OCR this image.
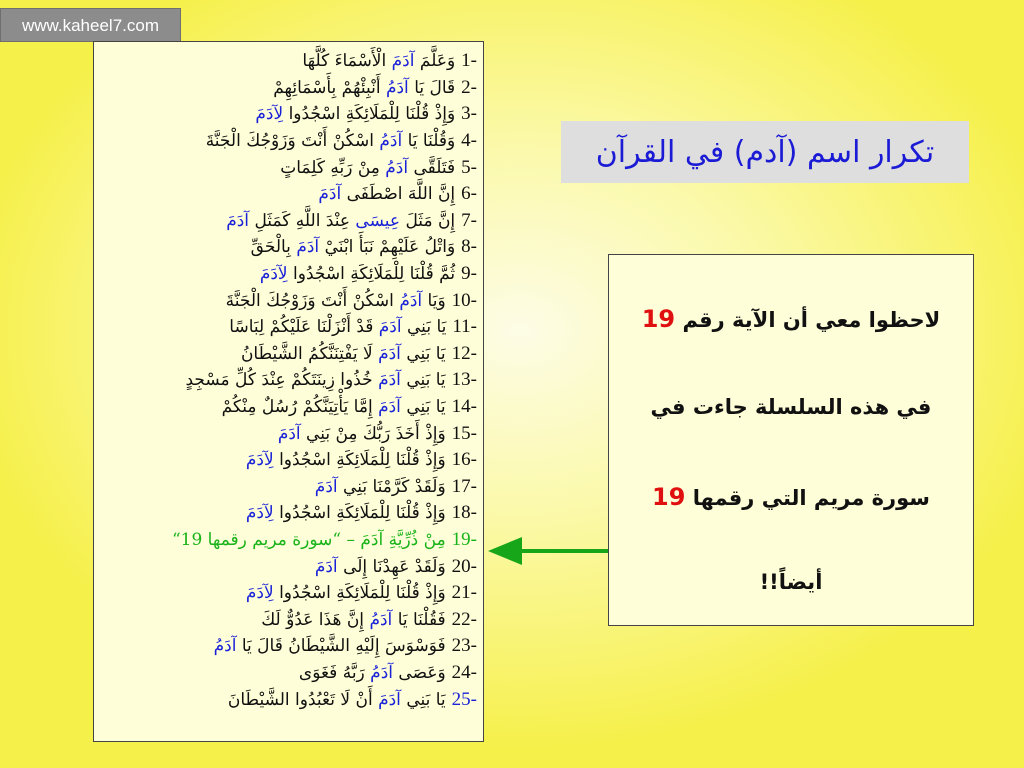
www.kaheel7.com
1-
وَعَلَّمَ

آدَمَ

الْأَسْمَاءَ كُلَّهَا

2-
قَالَ يَا

آدَمُ

أَنْبِئْهُمْ بِأَسْمَائِهِمْ

3-
وَإِذْ قُلْنَا لِلْمَلَائِكَةِ اسْجُدُوا

لِآدَمَ

4-
وَقُلْنَا يَا

آدَمُ

اسْكُنْ أَنْتَ وَزَوْجُكَ الْجَنَّةَ

5-
فَتَلَقَّى

آدَمُ

مِنْ رَبِّهِ كَلِمَاتٍ

6-
إِنَّ اللَّهَ اصْطَفَى

آدَمَ

7-
إِنَّ مَثَلَ

عِيسَى

عِنْدَ اللَّهِ كَمَثَلِ

آدَمَ

8-
وَاتْلُ عَلَيْهِمْ نَبَأَ ابْنَيْ

آدَمَ

بِالْحَقِّ

9-
ثُمَّ قُلْنَا لِلْمَلَائِكَةِ اسْجُدُوا

لِآدَمَ

10-
وَيَا

آدَمُ

اسْكُنْ أَنْتَ وَزَوْجُكَ الْجَنَّةَ

11-
يَا بَنِي

آدَمَ

قَدْ أَنْزَلْنَا عَلَيْكُمْ لِبَاسًا

12-
يَا بَنِي

آدَمَ

لَا يَفْتِنَنَّكُمُ الشَّيْطَانُ

13-
يَا بَنِي

آدَمَ

خُذُوا زِينَتَكُمْ عِنْدَ كُلِّ مَسْجِدٍ

14-
يَا بَنِي

آدَمَ

إِمَّا يَأْتِيَنَّكُمْ رُسُلٌ مِنْكُمْ

15-
وَإِذْ أَخَذَ رَبُّكَ مِنْ بَنِي

آدَمَ

16-
وَإِذْ قُلْنَا لِلْمَلَائِكَةِ اسْجُدُوا

لِآدَمَ

17-
وَلَقَدْ كَرَّمْنَا بَنِي

آدَمَ

18-
وَإِذْ قُلْنَا لِلْمَلَائِكَةِ اسْجُدُوا

لِآدَمَ

19-
مِنْ ذُرِّيَّةِ

آدَمَ

– “سورة مريم رقمها 19“

20-
وَلَقَدْ عَهِدْنَا إِلَى

آدَمَ

21-
وَإِذْ قُلْنَا لِلْمَلَائِكَةِ اسْجُدُوا

لِآدَمَ

22-
فَقُلْنَا يَا

آدَمُ

إِنَّ هَذَا عَدُوٌّ لَكَ

23-
فَوَسْوَسَ إِلَيْهِ الشَّيْطَانُ قَالَ يَا

آدَمُ

24-
وَعَصَى

آدَمُ

رَبَّهُ فَغَوَى

25-
يَا بَنِي

آدَمَ

أَنْ لَا تَعْبُدُوا الشَّيْطَانَ

تكرار اسم (آدم) في القرآن
لاحظوا معي أن الآية رقم 19
في هذه السلسلة جاءت في
سورة مريم التي رقمها 19
أيضاً!!
